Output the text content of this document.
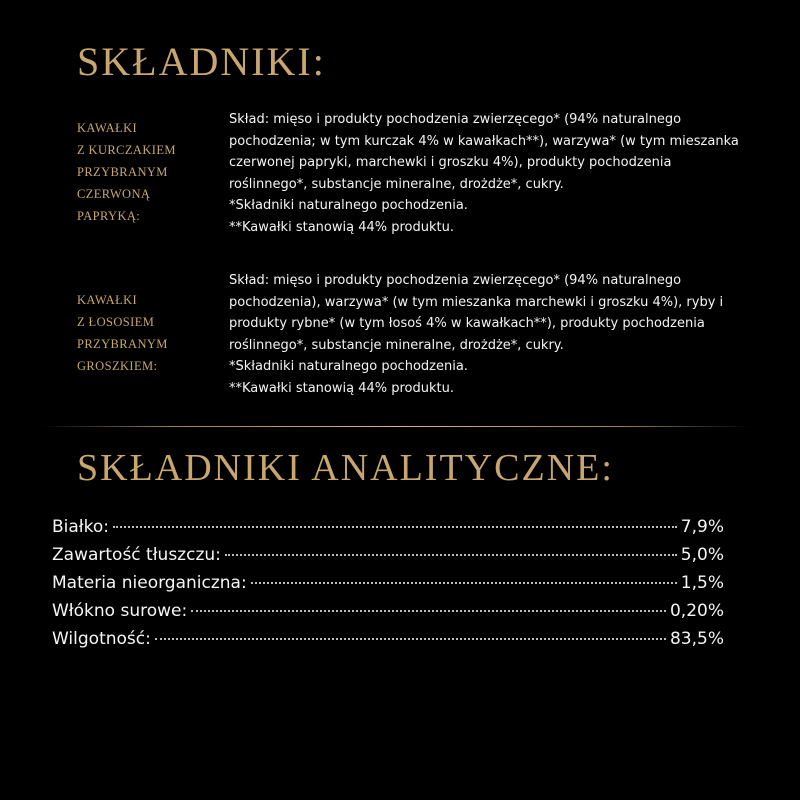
SKŁADNIKI:
KAWAŁKI
Z KURCZAKIEM
PRZYBRANYM
CZERWONĄ
PAPRYKĄ:

Skład: mięso i produkty pochodzenia zwierzęcego* (94% naturalnego pochodzenia; w tym kurczak 4% w kawałkach**), warzywa* (w tym mieszanka czerwonej papryki, marchewki i groszku 4%), produkty pochodzenia roślinnego*, substancje mineralne, drożdże*, cukry.

*Składniki naturalnego pochodzenia.

**Kawałki stanowią 44% produktu.

KAWAŁKI
Z ŁOSOSIEM
PRZYBRANYM
GROSZKIEM:

Skład: mięso i produkty pochodzenia zwierzęcego* (94% naturalnego pochodzenia), warzywa* (w tym mieszanka marchewki i groszku 4%), ryby i produkty rybne* (w tym łosoś 4% w kawałkach**), produkty pochodzenia roślinnego*, substancje mineralne, drożdże*, cukry.

*Składniki naturalnego pochodzenia.

**Kawałki stanowią 44% produktu.

SKŁADNIKI ANALITYCZNE:
Białko:	7,9%
Zawartość tłuszczu:	5,0%
Materia nieorganiczna:	1,5%
Włókno surowe:	0,20%
Wilgotność:	83,5%
